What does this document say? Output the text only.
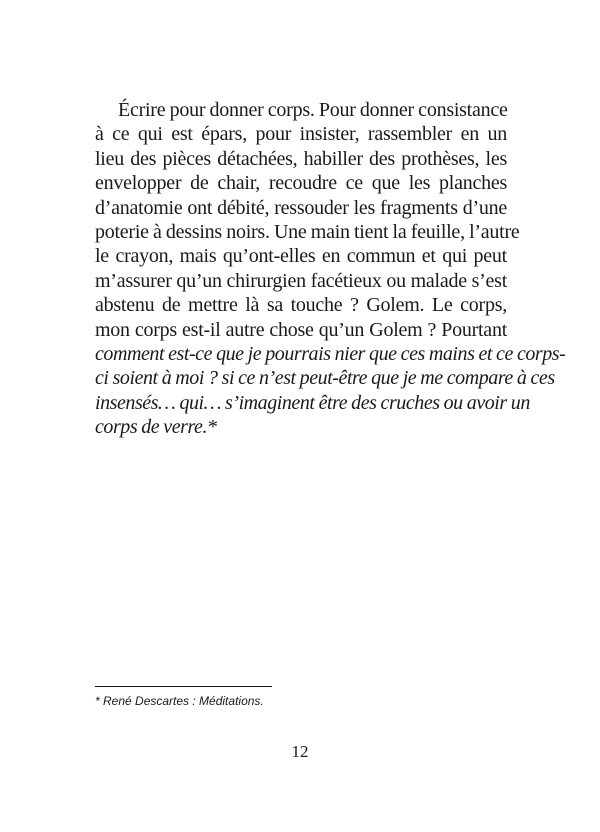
Écrire pour donner corps. Pour donner consistance
à ce qui est épars, pour insister, rassembler en un
lieu des pièces détachées, habiller des prothèses, les
envelopper de chair, recoudre ce que les planches
d’anatomie ont débité, ressouder les fragments d’une
poterie à dessins noirs. Une main tient la feuille, l’autre
le crayon, mais qu’ont-elles en commun et qui peut
m’assurer qu’un chirurgien facétieux ou malade s’est
abstenu de mettre là sa touche ? Golem. Le corps,
mon corps est-il autre chose qu’un Golem ? Pourtant
comment est-ce que je pourrais nier que ces mains et ce corps-
ci soient à moi ? si ce n’est peut-être que je me compare à ces
insensés… qui… s’imaginent être des cruches ou avoir un
corps de verre.*
* René Descartes : Méditations.
12
